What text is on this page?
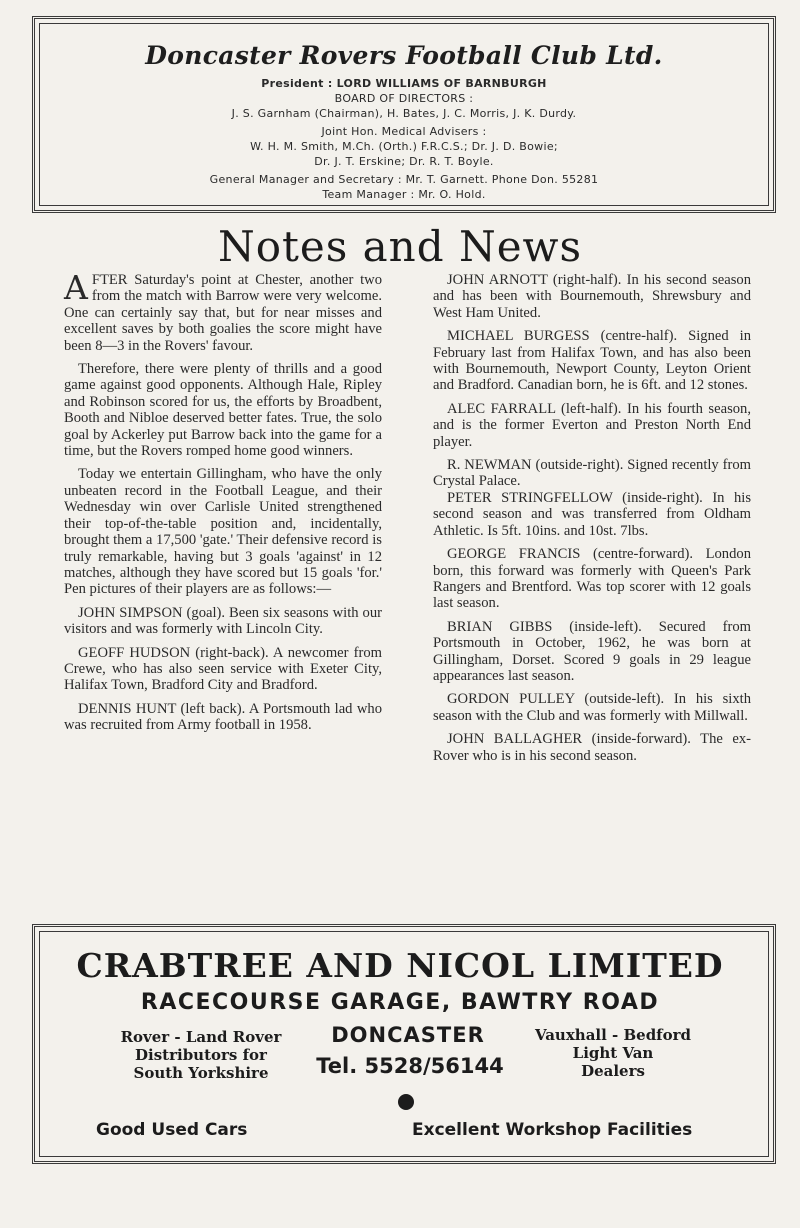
Doncaster Rovers Football Club Ltd.
President : LORD WILLIAMS OF BARNBURGH
BOARD OF DIRECTORS :
J. S. Garnham (Chairman), H. Bates, J. C. Morris, J. K. Durdy.
Joint Hon. Medical Advisers :
W. H. M. Smith, M.Ch. (Orth.) F.R.C.S.; Dr. J. D. Bowie;
Dr. J. T. Erskine; Dr. R. T. Boyle.
General Manager and Secretary : Mr. T. Garnett. Phone Don. 55281
Team Manager : Mr. O. Hold.
Notes and News

AFTER Saturday's point at Chester, another two from the match with Barrow were very welcome. One can certainly say that, but for near misses and excellent saves by both goalies the score might have been 8—3 in the Rovers' favour.

Therefore, there were plenty of thrills and a good game against good opponents. Although Hale, Ripley and Robinson scored for us, the efforts by Broadbent, Booth and Nibloe deserved better fates. True, the solo goal by Ackerley put Barrow back into the game for a time, but the Rovers romped home good winners.

Today we entertain Gillingham, who have the only unbeaten record in the Football League, and their Wednesday win over Carlisle United strengthened their top-of-the-table position and, incidentally, brought them a 17,500 'gate.' Their defensive record is truly remarkable, having but 3 goals 'against' in 12 matches, although they have scored but 15 goals 'for.' Pen pictures of their players are as follows:—

JOHN SIMPSON (goal). Been six seasons with our visitors and was formerly with Lincoln City.

GEOFF HUDSON (right-back). A newcomer from Crewe, who has also seen service with Exeter City, Halifax Town, Bradford City and Bradford.

DENNIS HUNT (left back). A Portsmouth lad who was recruited from Army football in 1958.

JOHN ARNOTT (right-half). In his second season and has been with Bournemouth, Shrewsbury and West Ham United.

MICHAEL BURGESS (centre-half). Signed in February last from Halifax Town, and has also been with Bournemouth, Newport County, Leyton Orient and Bradford. Canadian born, he is 6ft. and 12 stones.

ALEC FARRALL (left-half). In his fourth season, and is the former Everton and Preston North End player.

R. NEWMAN (outside-right). Signed recently from Crystal Palace.

PETER STRINGFELLOW (inside-right). In his second season and was transferred from Oldham Athletic. Is 5ft. 10ins. and 10st. 7lbs.

GEORGE FRANCIS (centre-forward). London born, this forward was formerly with Queen's Park Rangers and Brentford. Was top scorer with 12 goals last season.

BRIAN GIBBS (inside-left). Secured from Portsmouth in October, 1962, he was born at Gillingham, Dorset. Scored 9 goals in 29 league appearances last season.

GORDON PULLEY (outside-left). In his sixth season with the Club and was formerly with Millwall.

JOHN BALLAGHER (inside-forward). The ex-Rover who is in his second season.

CRABTREE AND NICOL LIMITED
RACECOURSE GARAGE, BAWTRY ROAD
Rover - Land Rover
Distributors for
South Yorkshire
DONCASTER
Tel. 5528/56144
Vauxhall - Bedford
Light Van
Dealers
Good Used Cars	Excellent Workshop Facilities
